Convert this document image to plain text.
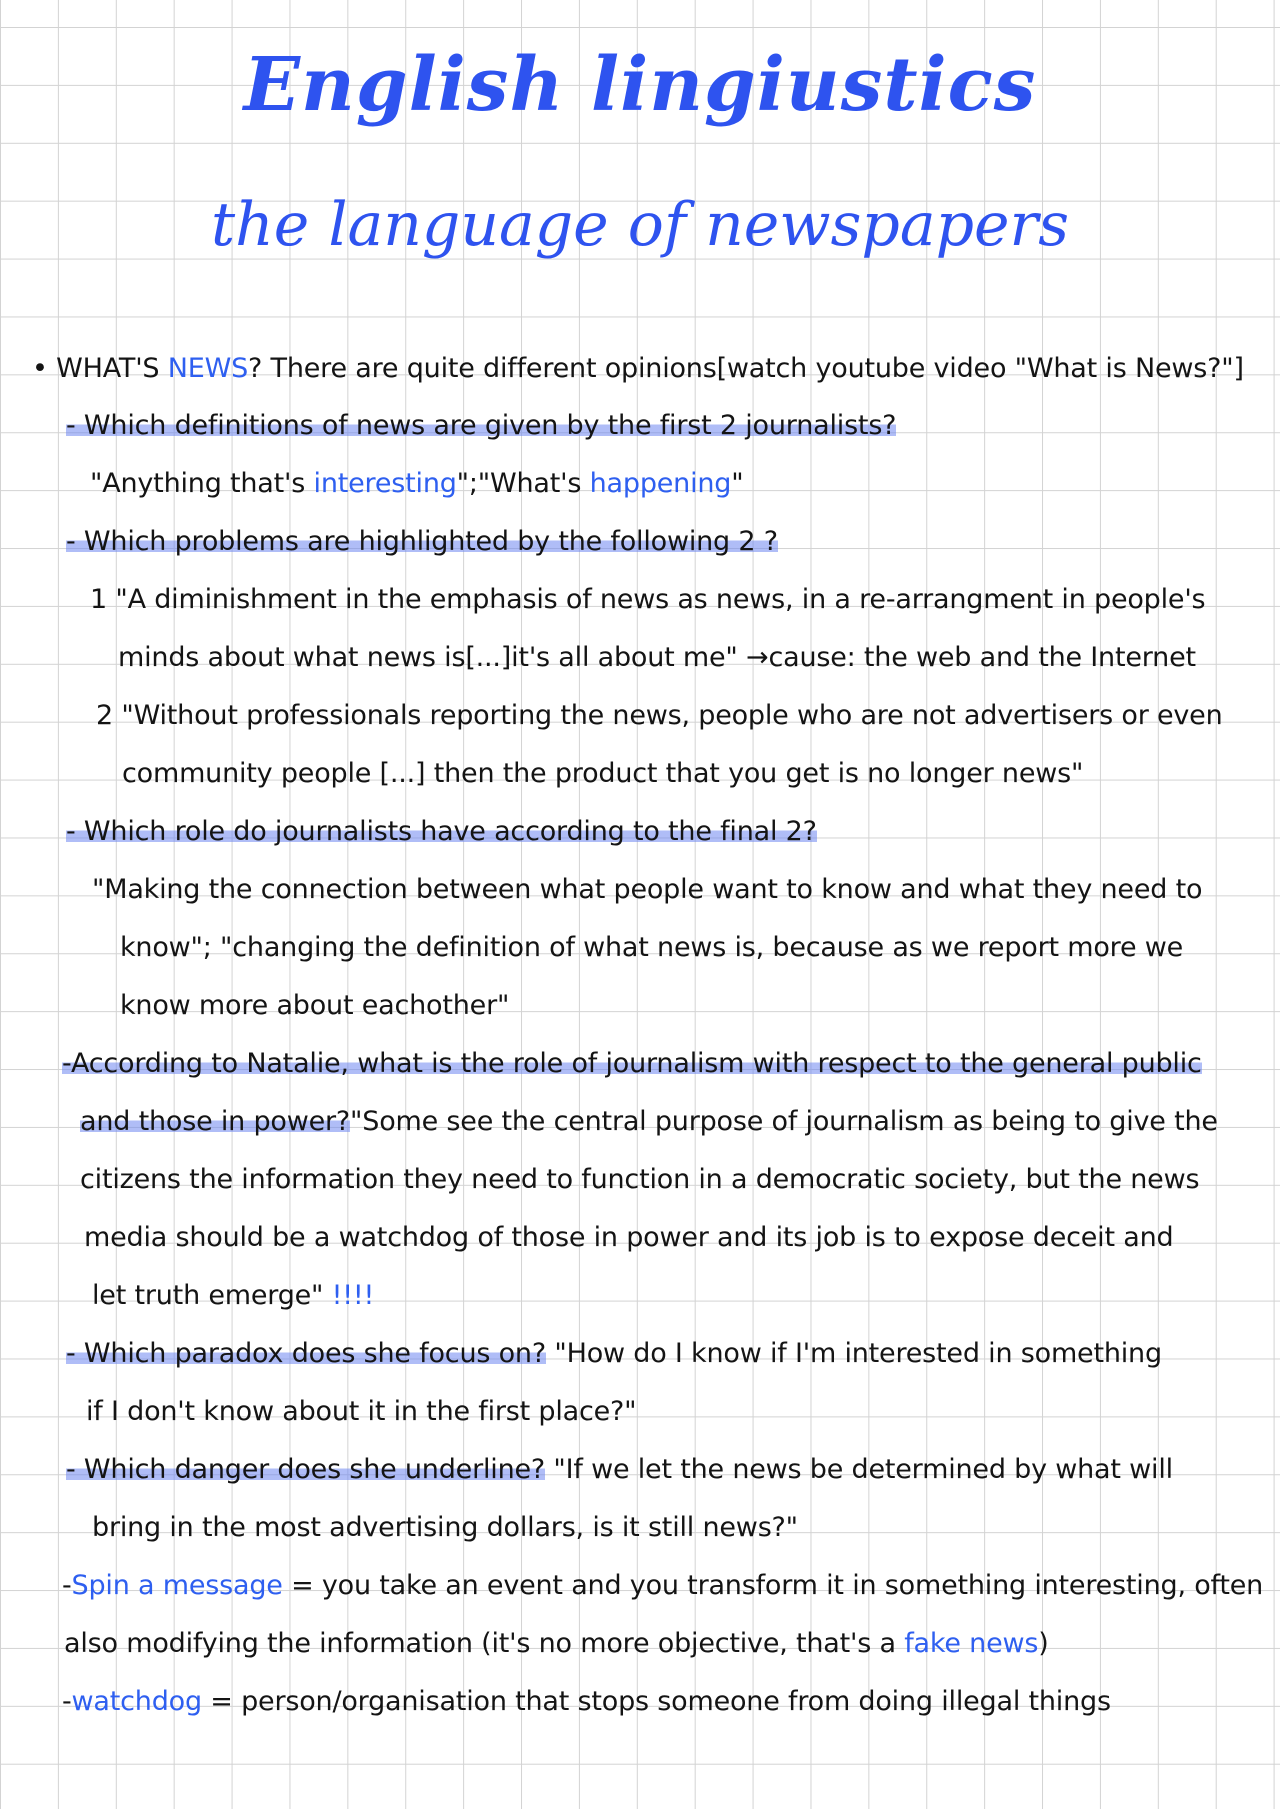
English lingiustics
the language of newspapers
• WHAT'S NEWS? There are quite different opinions[watch youtube video "What is News?"]
- Which definitions of news are given by the first 2 journalists?
"Anything that's interesting";"What's happening"
- Which problems are highlighted by the following 2 ?
1 "A diminishment in the emphasis of news as news, in a re-arrangment in people's
minds about what news is[...]it's all about me" →cause: the web and the Internet
2 "Without professionals reporting the news, people who are not advertisers or even
community people [...] then the product that you get is no longer news"
- Which role do journalists have according to the final 2?
"Making the connection between what people want to know and what they need to
know"; "changing the definition of what news is, because as we report more we
know more about eachother"
-According to Natalie, what is the role of journalism with respect to the general public
and those in power?"Some see the central purpose of journalism as being to give the
citizens the information they need to function in a democratic society, but the news
media should be a watchdog of those in power and its job is to expose deceit and
let truth emerge" !!!!
- Which paradox does she focus on? "How do I know if I'm interested in something
if I don't know about it in the first place?"
- Which danger does she underline? "If we let the news be determined by what will
bring in the most advertising dollars, is it still news?"
-Spin a message = you take an event and you transform it in something interesting, often
also modifying the information (it's no more objective, that's a fake news)
-watchdog = person/organisation that stops someone from doing illegal things
